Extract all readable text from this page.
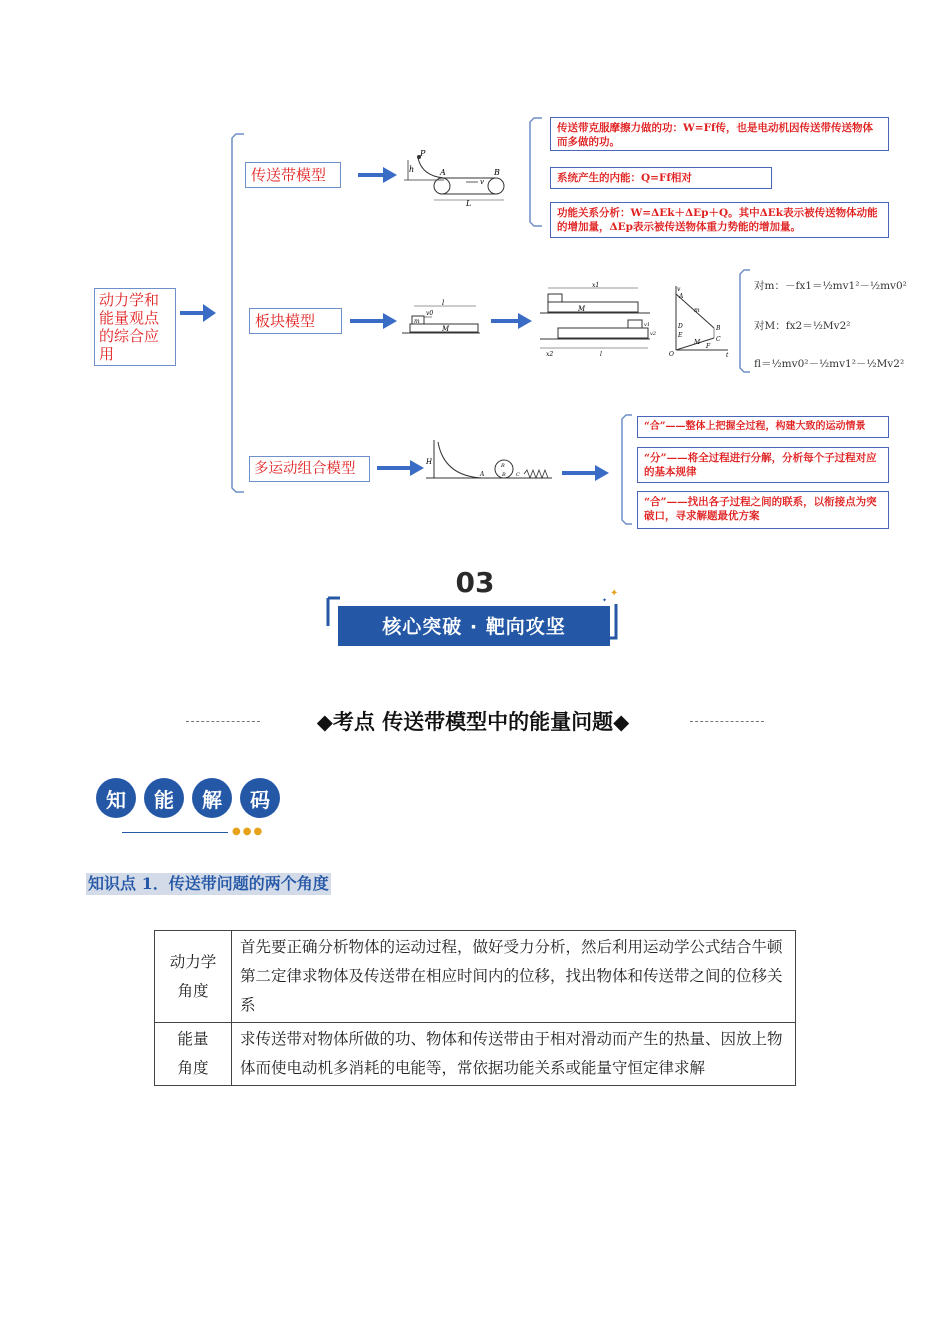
动力学和能量观点的综合应用
传送带模型
板块模型
多运动组合模型
传送带克服摩擦力做的功：W=Ff传，也是电动机因传送带传送物体而多做的功。
系统产生的内能：Q=Ff相对
功能关系分析：W=ΔEk＋ΔEp＋Q。其中ΔEk表示被传送物体动能的增加量，ΔEp表示被传送物体重力势能的增加量。
“合”——整体上把握全过程，构建大致的运动情景
“分”——将全过程进行分解，分析每个子过程对应的基本规律
“合”——找出各子过程之间的联系，以衔接点为突破口，寻求解题最优方案
P
h	A	B
v
L
l
m
v0
M
x1
M
v1
v2
x2	l
v
A
m
B
M
D
E
C
F
O	t
对m：－fx1＝½mv1²－½mv0²
对M：fx2＝½Mv2²
fl＝½mv0²－½mv1²－½Mv2²
H
A
R
B C
03	✦
✦
核心突破 · 靶向攻坚
◆考点 传送带模型中的能量问题◆
知	能	解	码
●●●
知识点 1．传送带问题的两个角度
动力学角度	首先要正确分析物体的运动过程，做好受力分析，然后利用运动学公式结合牛顿第二定律求物体及传送带在相应时间内的位移，找出物体和传送带之间的位移关系

能量角度	求传送带对物体所做的功、物体和传送带由于相对滑动而产生的热量、因放上物体而使电动机多消耗的电能等，常依据功能关系或能量守恒定律求解
